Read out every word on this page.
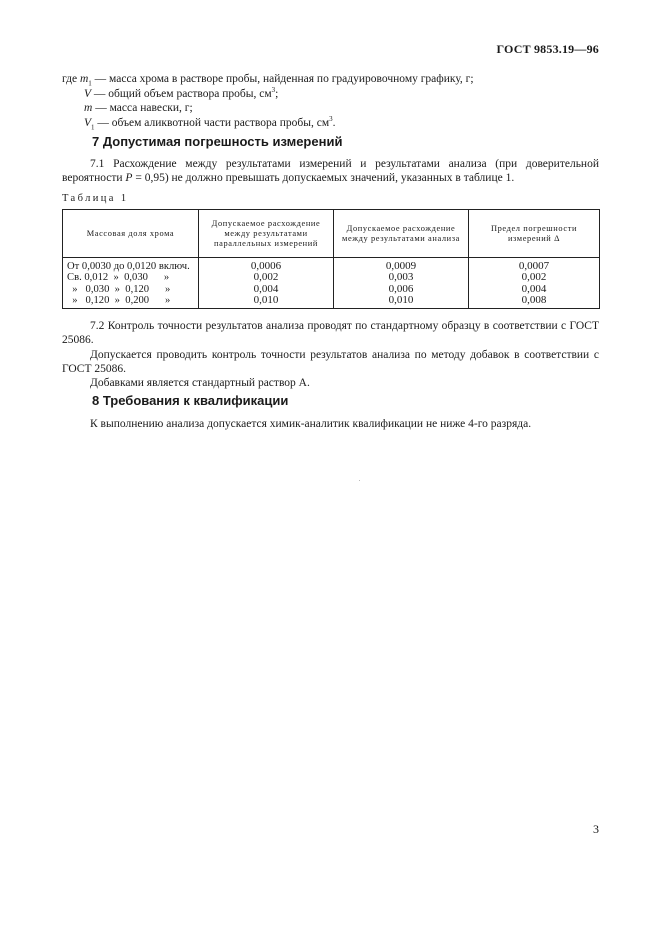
ГОСТ 9853.19—96
где $m_1$ — масса хрома в растворе пробы, найденная по градуировочному графику, г;
V — общий объем раствора пробы, $см^3$;
m — масса навески, г;
$V_1$ — объем аликвотной части раствора пробы, $см^3$.
7 Допустимая погрешность измерений

7.1 Расхождение между результатами измерений и результатами анализа (при доверительной вероятности P = 0,95) не должно превышать допускаемых значений, указанных в таблице 1.

Таблица 1
Массовая доля хрома	Допускаемое расхождение между результатами параллельных измерений	Допускаемое расхождение между результатами анализа	Предел погрешности измерений Δ
От 0,0030 до 0,0120 включ.	0,0006	0,0009	0,0007
Св. 0,012  »  0,030      »	0,002	0,003	0,002
»   0,030  »  0,120      »	0,004	0,006	0,004
»   0,120  »  0,200      »	0,010	0,010	0,008

7.2 Контроль точности результатов анализа проводят по стандартному образцу в соответствии с ГОСТ 25086.

Допускается проводить контроль точности результатов анализа по методу добавок в соответствии с ГОСТ 25086.

Добавками является стандартный раствор А.

8 Требования к квалификации

К выполнению анализа допускается химик-аналитик квалификации не ниже 4-го разряда.

3
